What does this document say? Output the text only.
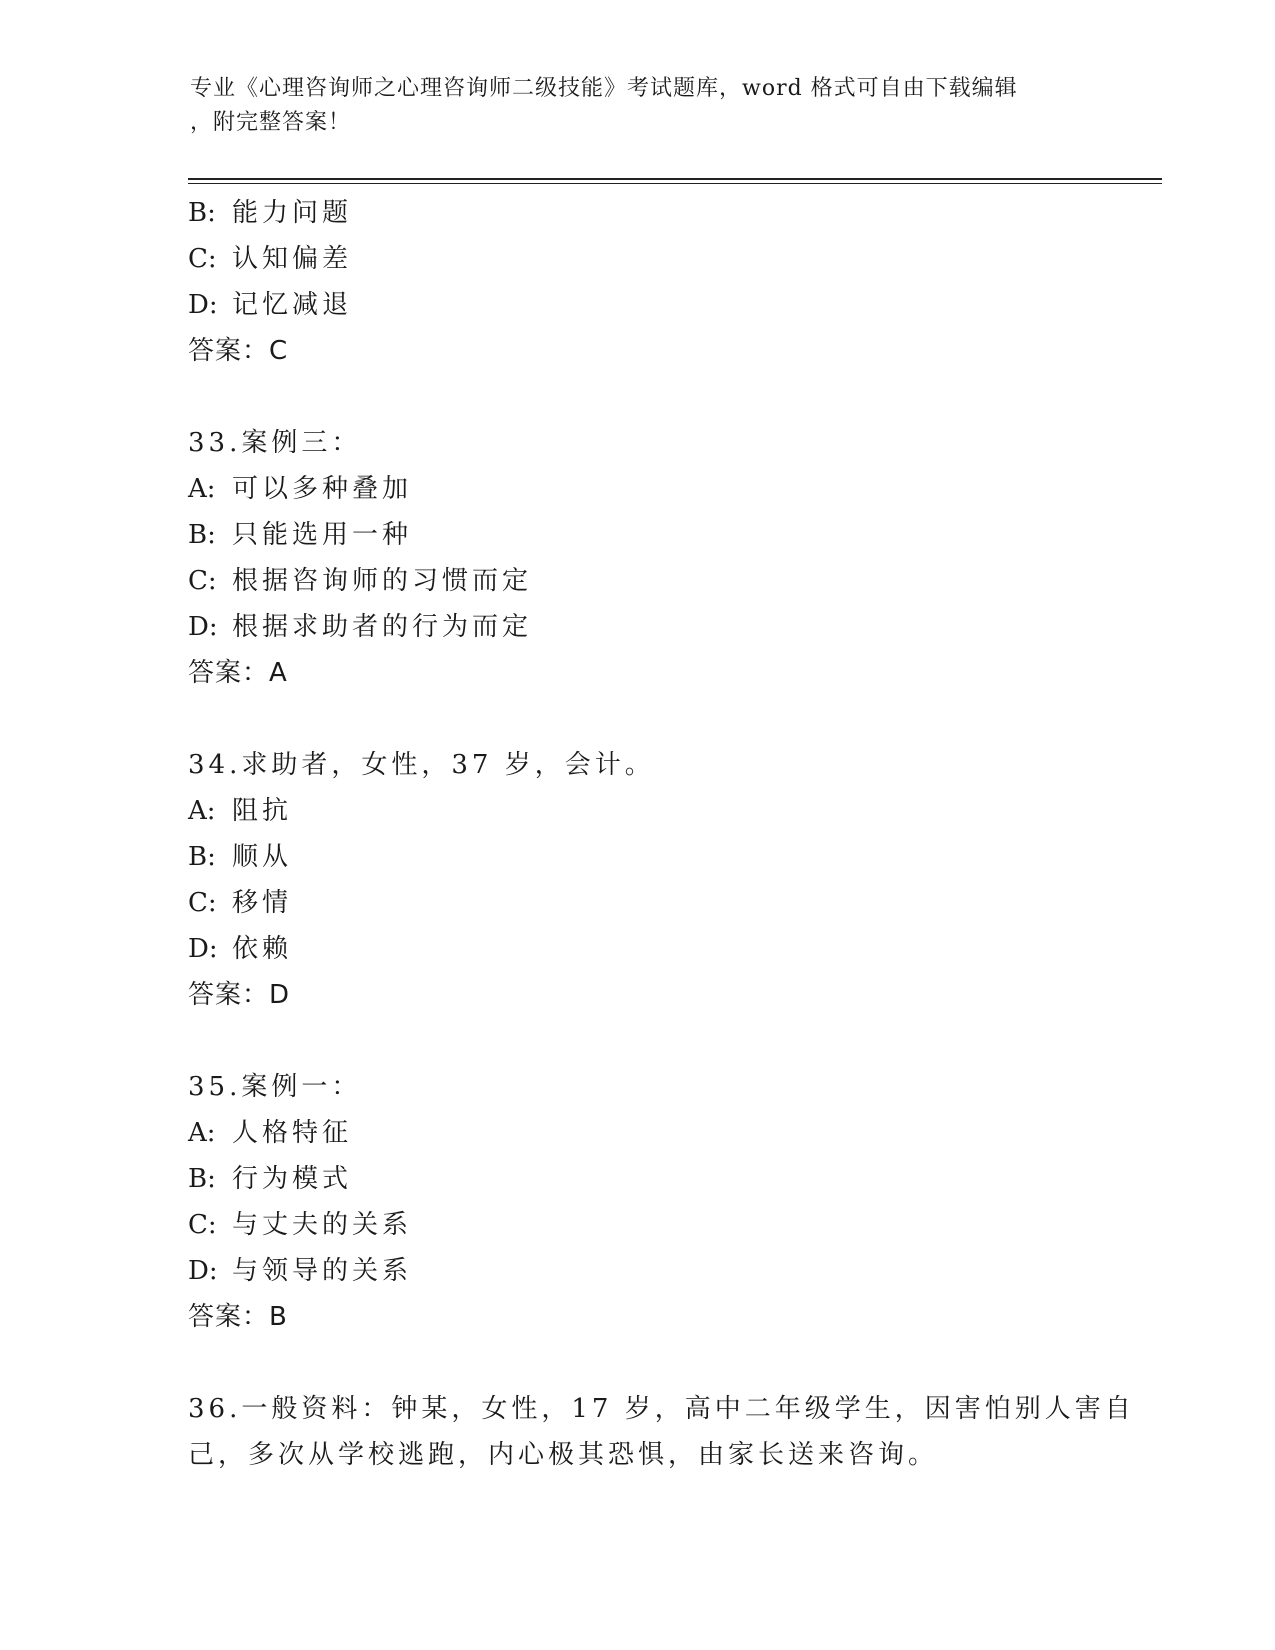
专业《心理咨询师之心理咨询师二级技能》考试题库，word 格式可自由下载编辑
，附完整答案！
B: 能力问题
C: 认知偏差
D: 记忆减退
答案：C
33.案例三：
A: 可以多种叠加
B: 只能选用一种
C: 根据咨询师的习惯而定
D: 根据求助者的行为而定
答案：A
34.求助者，女性，37 岁，会计。
A: 阻抗
B: 顺从
C: 移情
D: 依赖
答案：D
35.案例一：
A: 人格特征
B: 行为模式
C: 与丈夫的关系
D: 与领导的关系
答案：B
36.一般资料：钟某，女性，17 岁，高中二年级学生，因害怕别人害自
己，多次从学校逃跑，内心极其恐惧，由家长送来咨询。
